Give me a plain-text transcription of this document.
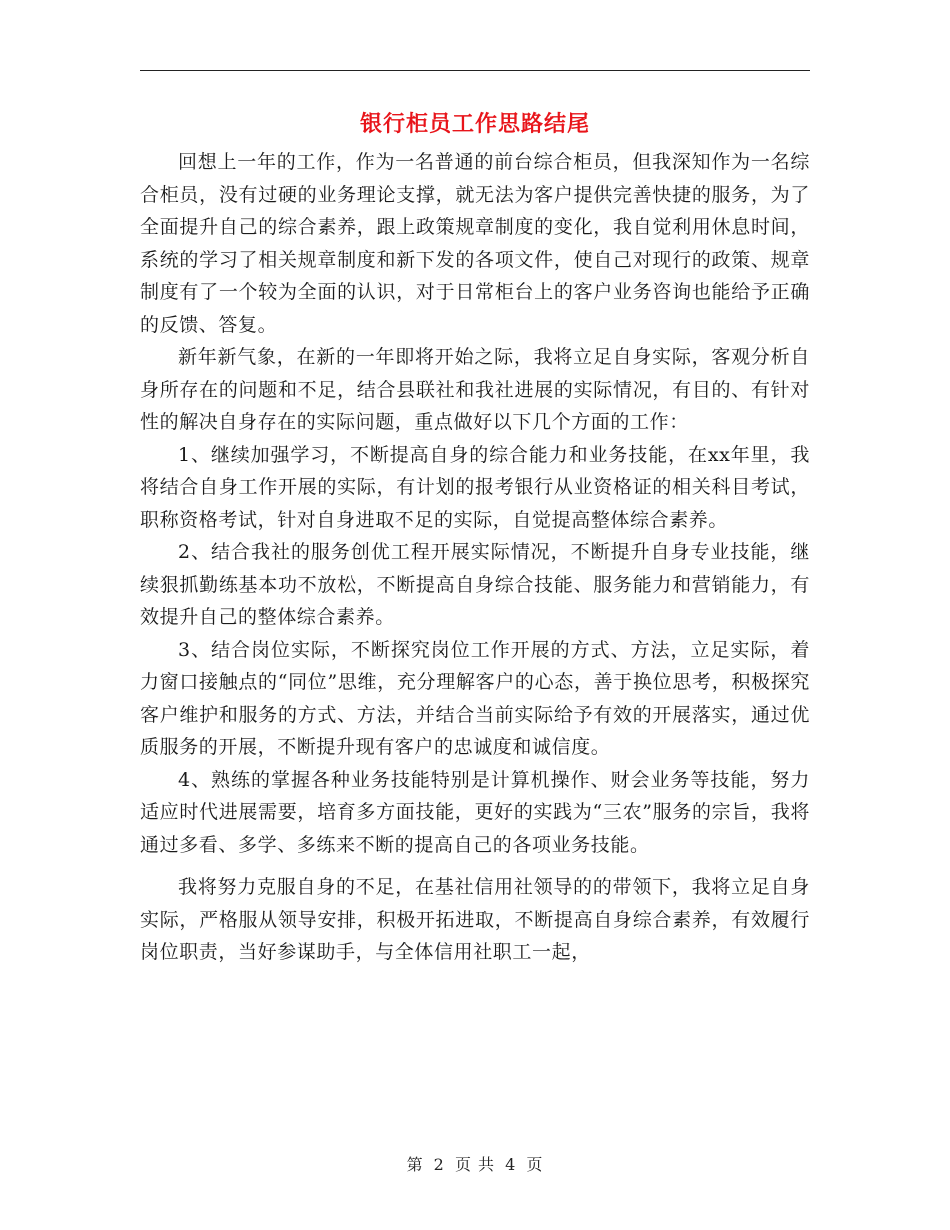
银行柜员工作思路结尾

回想上一年的工作，作为一名普通的前台综合柜员，但我深知作为一名综合柜员，没有过硬的业务理论支撑，就无法为客户提供完善快捷的服务，为了全面提升自己的综合素养，跟上政策规章制度的变化，我自觉利用休息时间，系统的学习了相关规章制度和新下发的各项文件，使自己对现行的政策、规章制度有了一个较为全面的认识，对于日常柜台上的客户业务咨询也能给予正确的反馈、答复。

新年新气象，在新的一年即将开始之际，我将立足自身实际，客观分析自身所存在的问题和不足，结合县联社和我社进展的实际情况，有目的、有针对性的解决自身存在的实际问题，重点做好以下几个方面的工作：

1、继续加强学习，不断提高自身的综合能力和业务技能，在xx年里，我将结合自身工作开展的实际，有计划的报考银行从业资格证的相关科目考试，职称资格考试，针对自身进取不足的实际，自觉提高整体综合素养。

2、结合我社的服务创优工程开展实际情况，不断提升自身专业技能，继续狠抓勤练基本功不放松，不断提高自身综合技能、服务能力和营销能力，有效提升自己的整体综合素养。

3、结合岗位实际，不断探究岗位工作开展的方式、方法，立足实际，着力窗口接触点的“同位”思维，充分理解客户的心态，善于换位思考，积极探究客户维护和服务的方式、方法，并结合当前实际给予有效的开展落实，通过优质服务的开展，不断提升现有客户的忠诚度和诚信度。

4、熟练的掌握各种业务技能特别是计算机操作、财会业务等技能，努力适应时代进展需要，培育多方面技能，更好的实践为“三农”服务的宗旨，我将通过多看、多学、多练来不断的提高自己的各项业务技能。

我将努力克服自身的不足，在基社信用社领导的的带领下，我将立足自身实际，严格服从领导安排，积极开拓进取，不断提高自身综合素养，有效履行岗位职责，当好参谋助手，与全体信用社职工一起，

第 2 页 共 4 页
